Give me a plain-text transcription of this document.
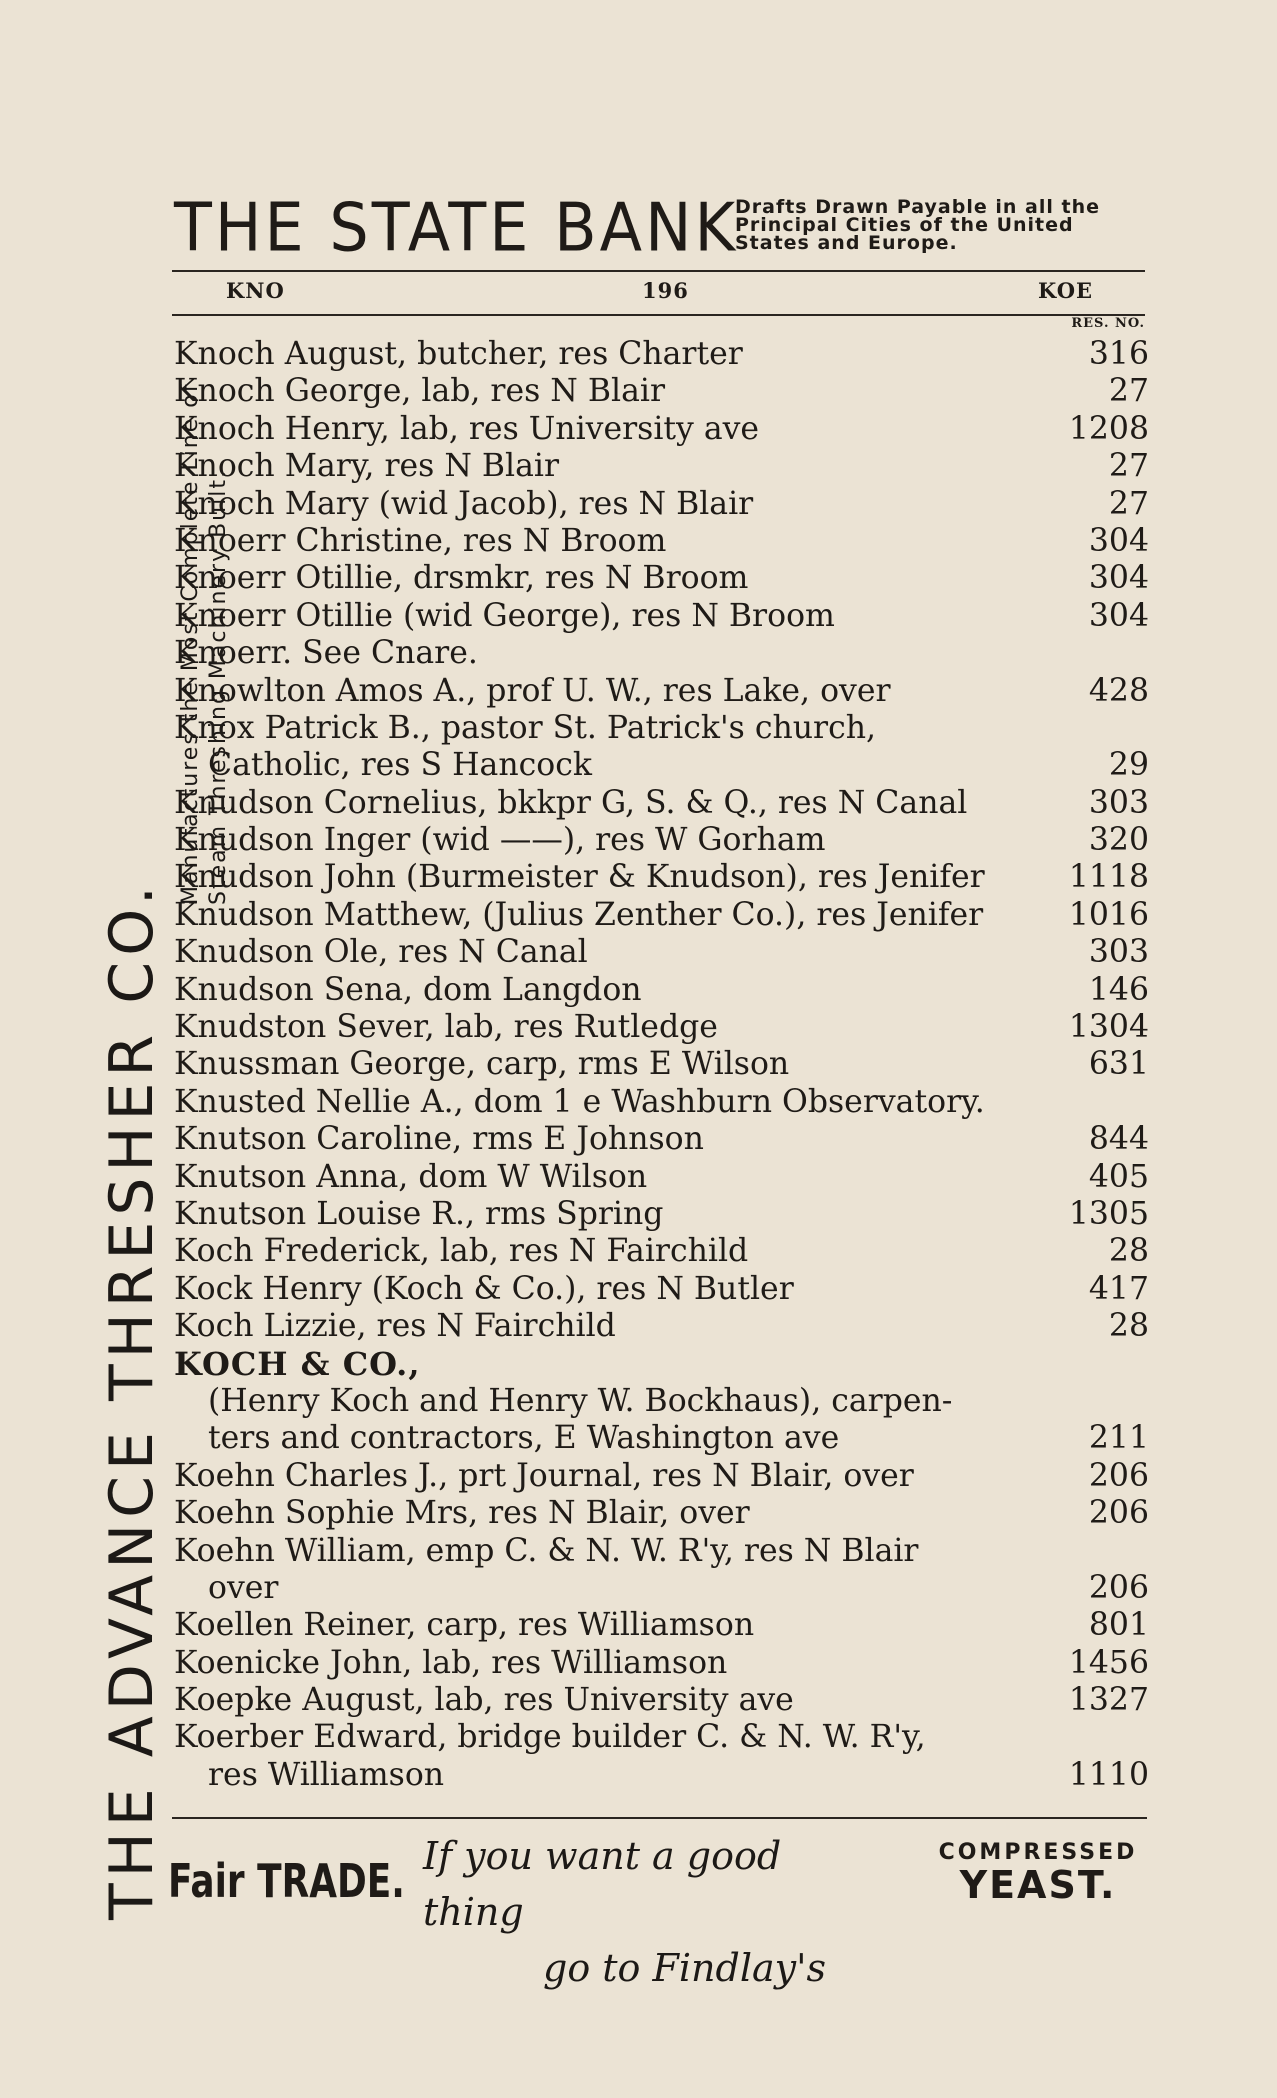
THE ADVANCE THRESHER CO.
Manufactures the Most Complete Line of Steam Threshing Machinery Built.
THE STATE BANK
Drafts Drawn Payable in all the Principal Cities of the United States and Europe.
KNO	196	KOE
RES. NO.
Knoch August, butcher, res Charter	316
Knoch George, lab, res N Blair	27
Knoch Henry, lab, res University ave	1208
Knoch Mary, res N Blair	27
Knoch Mary (wid Jacob), res N Blair	27
Knoerr Christine, res N Broom	304
Knoerr Otillie, drsmkr, res N Broom	304
Knoerr Otillie (wid George), res N Broom	304
Knoerr. See Cnare.
Knowlton Amos A., prof U. W., res Lake, over	428
Knox Patrick B., pastor St. Patrick's church,
Catholic, res S Hancock	29
Knudson Cornelius, bkkpr G, S. & Q., res N Canal	303
Knudson Inger (wid ——), res W Gorham	320
Knudson John (Burmeister & Knudson), res Jenifer	1118
Knudson Matthew, (Julius Zenther Co.), res Jenifer	1016
Knudson Ole, res N Canal	303
Knudson Sena, dom Langdon	146
Knudston Sever, lab, res Rutledge	1304
Knussman George, carp, rms E Wilson	631
Knusted Nellie A., dom 1 e Washburn Observatory.
Knutson Caroline, rms E Johnson	844
Knutson Anna, dom W Wilson	405
Knutson Louise R., rms Spring	1305
Koch Frederick, lab, res N Fairchild	28
Kock Henry (Koch & Co.), res N Butler	417
Koch Lizzie, res N Fairchild	28
KOCH & CO.,
(Henry Koch and Henry W. Bockhaus), carpen-
ters and contractors, E Washington ave	211
Koehn Charles J., prt Journal, res N Blair, over	206
Koehn Sophie Mrs, res N Blair, over	206
Koehn William, emp C. & N. W. R'y, res N Blair
over	206
Koellen Reiner, carp, res Williamson	801
Koenicke John, lab, res Williamson	1456
Koepke August, lab, res University ave	1327
Koerber Edward, bridge builder C. & N. W. R'y,
res Williamson	1110
Fair TRADE. If you want a good thing
go to Findlay's
COMPRESSED
YEAST.
